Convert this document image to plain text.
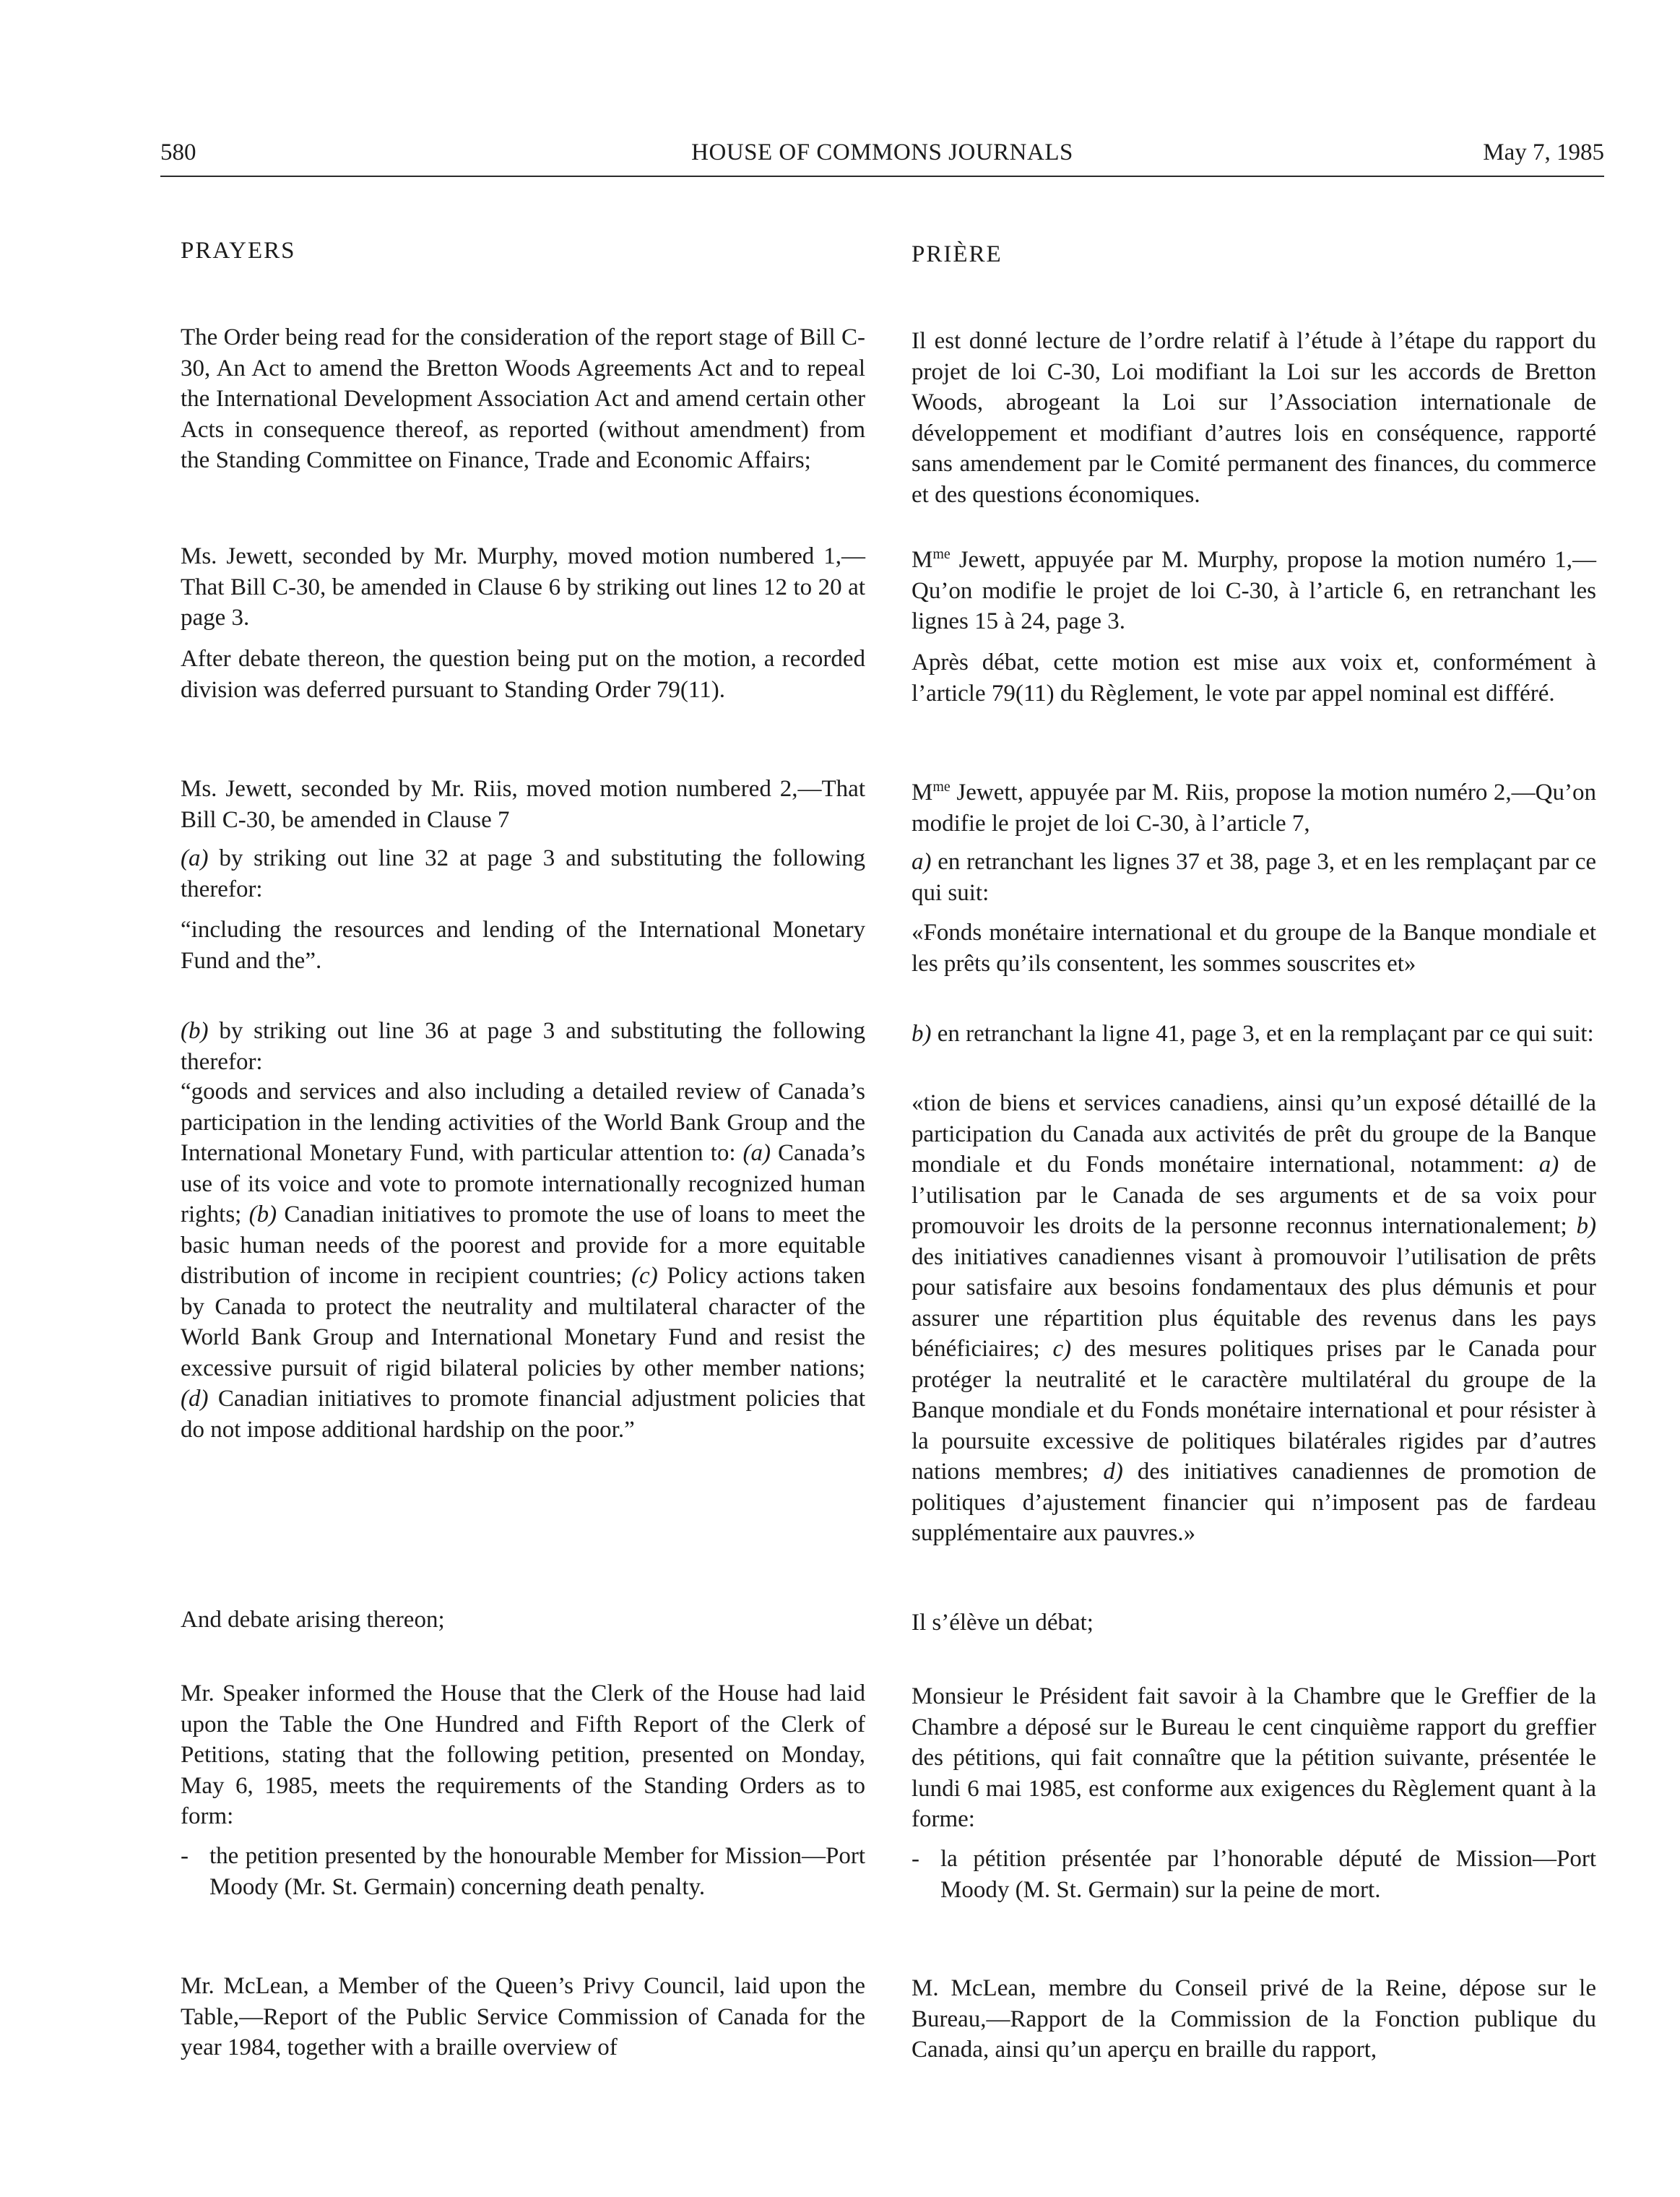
580	HOUSE OF COMMONS JOURNALS	May 7, 1985

PRAYERS

The Order being read for the consideration of the report stage of Bill C-30, An Act to amend the Bretton Woods Agreements Act and to repeal the International Development Association Act and amend certain other Acts in consequence thereof, as reported (without amendment) from the Standing Committee on Finance, Trade and Economic Affairs;

Ms. Jewett, seconded by Mr. Murphy, moved motion numbered 1,—That Bill C-30, be amended in Clause 6 by striking out lines 12 to 20 at page 3.

After debate thereon, the question being put on the motion, a recorded division was deferred pursuant to Standing Order 79(11).

Ms. Jewett, seconded by Mr. Riis, moved motion numbered 2,—That Bill C-30, be amended in Clause 7

(a) by striking out line 32 at page 3 and substituting the following therefor:

“including the resources and lending of the International Monetary Fund and the”.

(b) by striking out line 36 at page 3 and substituting the following therefor:

“goods and services and also including a detailed review of Canada’s participation in the lending activities of the World Bank Group and the International Monetary Fund, with particular attention to: (a) Canada’s use of its voice and vote to promote internationally recognized human rights; (b) Canadian initiatives to promote the use of loans to meet the basic human needs of the poorest and provide for a more equitable distribution of income in recipient countries; (c) Policy actions taken by Canada to protect the neutrality and multilateral character of the World Bank Group and International Monetary Fund and resist the excessive pursuit of rigid bilateral policies by other member nations; (d) Canadian initiatives to promote financial adjustment policies that do not impose additional hardship on the poor.”

And debate arising thereon;

Mr. Speaker informed the House that the Clerk of the House had laid upon the Table the One Hundred and Fifth Report of the Clerk of Petitions, stating that the following petition, presented on Monday, May 6, 1985, meets the requirements of the Standing Orders as to form:

- the petition presented by the honourable Member for Mission—Port Moody (Mr. St. Germain) concerning death penalty.

Mr. McLean, a Member of the Queen’s Privy Council, laid upon the Table,—Report of the Public Service Commission of Canada for the year 1984, together with a braille overview of

PRIÈRE

Il est donné lecture de l’ordre relatif à l’étude à l’étape du rapport du projet de loi C-30, Loi modifiant la Loi sur les accords de Bretton Woods, abrogeant la Loi sur l’Association internationale de développement et modifiant d’autres lois en conséquence, rapporté sans amendement par le Comité permanent des finances, du commerce et des questions économiques.

$M^{me}$ Jewett, appuyée par M. Murphy, propose la motion numéro 1,—Qu’on modifie le projet de loi C-30, à l’article 6, en retranchant les lignes 15 à 24, page 3.

Après débat, cette motion est mise aux voix et, conformément à l’article 79(11) du Règlement, le vote par appel nominal est différé.

$M^{me}$ Jewett, appuyée par M. Riis, propose la motion numéro 2,—Qu’on modifie le projet de loi C-30, à l’article 7,

a) en retranchant les lignes 37 et 38, page 3, et en les remplaçant par ce qui suit:

«Fonds monétaire international et du groupe de la Banque mondiale et les prêts qu’ils consentent, les sommes souscrites et»

b) en retranchant la ligne 41, page 3, et en la remplaçant par ce qui suit:

«tion de biens et services canadiens, ainsi qu’un exposé détaillé de la participation du Canada aux activités de prêt du groupe de la Banque mondiale et du Fonds monétaire international, notamment: a) de l’utilisation par le Canada de ses arguments et de sa voix pour promouvoir les droits de la personne reconnus internationalement; b) des initiatives canadiennes visant à promouvoir l’utilisation de prêts pour satisfaire aux besoins fondamentaux des plus démunis et pour assurer une répartition plus équitable des revenus dans les pays bénéficiaires; c) des mesures politiques prises par le Canada pour protéger la neutralité et le caractère multilatéral du groupe de la Banque mondiale et du Fonds monétaire international et pour résister à la poursuite excessive de politiques bilatérales rigides par d’autres nations membres; d) des initiatives canadiennes de promotion de politiques d’ajustement financier qui n’imposent pas de fardeau supplémentaire aux pauvres.»

Il s’élève un débat;

Monsieur le Président fait savoir à la Chambre que le Greffier de la Chambre a déposé sur le Bureau le cent cinquième rapport du greffier des pétitions, qui fait connaître que la pétition suivante, présentée le lundi 6 mai 1985, est conforme aux exigences du Règlement quant à la forme:

- la pétition présentée par l’honorable député de Mission—Port Moody (M. St. Germain) sur la peine de mort.

M. McLean, membre du Conseil privé de la Reine, dépose sur le Bureau,—Rapport de la Commission de la Fonction publique du Canada, ainsi qu’un aperçu en braille du rapport,
